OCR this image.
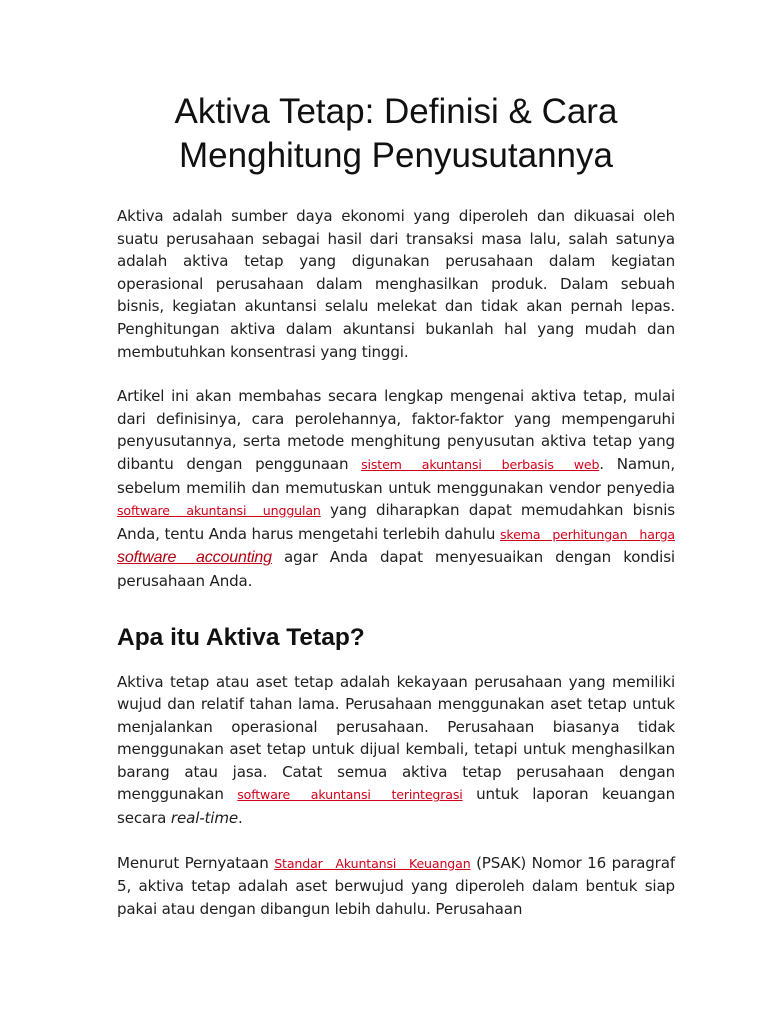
Aktiva Tetap: Definisi & Cara Menghitung Penyusutannya

Aktiva adalah sumber daya ekonomi yang diperoleh dan dikuasai oleh suatu perusahaan sebagai hasil dari transaksi masa lalu, salah satunya adalah aktiva tetap yang digunakan perusahaan dalam kegiatan operasional perusahaan dalam menghasilkan produk. Dalam sebuah bisnis, kegiatan akuntansi selalu melekat dan tidak akan pernah lepas. Penghitungan aktiva dalam akuntansi bukanlah hal yang mudah dan membutuhkan konsentrasi yang tinggi.

Artikel ini akan membahas secara lengkap mengenai aktiva tetap, mulai dari definisinya, cara perolehannya, faktor-faktor yang mempengaruhi penyusutannya, serta metode menghitung penyusutan aktiva tetap yang dibantu dengan penggunaan sistem akuntansi berbasis web. Namun, sebelum memilih dan memutuskan untuk menggunakan vendor penyedia software akuntansi unggulan yang diharapkan dapat memudahkan bisnis Anda, tentu Anda harus mengetahi terlebih dahulu skema perhitungan harga software accounting agar Anda dapat menyesuaikan dengan kondisi perusahaan Anda.

Apa itu Aktiva Tetap?

Aktiva tetap atau aset tetap adalah kekayaan perusahaan yang memiliki wujud dan relatif tahan lama. Perusahaan menggunakan aset tetap untuk menjalankan operasional perusahaan. Perusahaan biasanya tidak menggunakan aset tetap untuk dijual kembali, tetapi untuk menghasilkan barang atau jasa. Catat semua aktiva tetap perusahaan dengan menggunakan software akuntansi terintegrasi untuk laporan keuangan secara real-time.

Menurut Pernyataan Standar Akuntansi Keuangan (PSAK) Nomor 16 paragraf 5, aktiva tetap adalah aset berwujud yang diperoleh dalam bentuk siap pakai atau dengan dibangun lebih dahulu. Perusahaan
